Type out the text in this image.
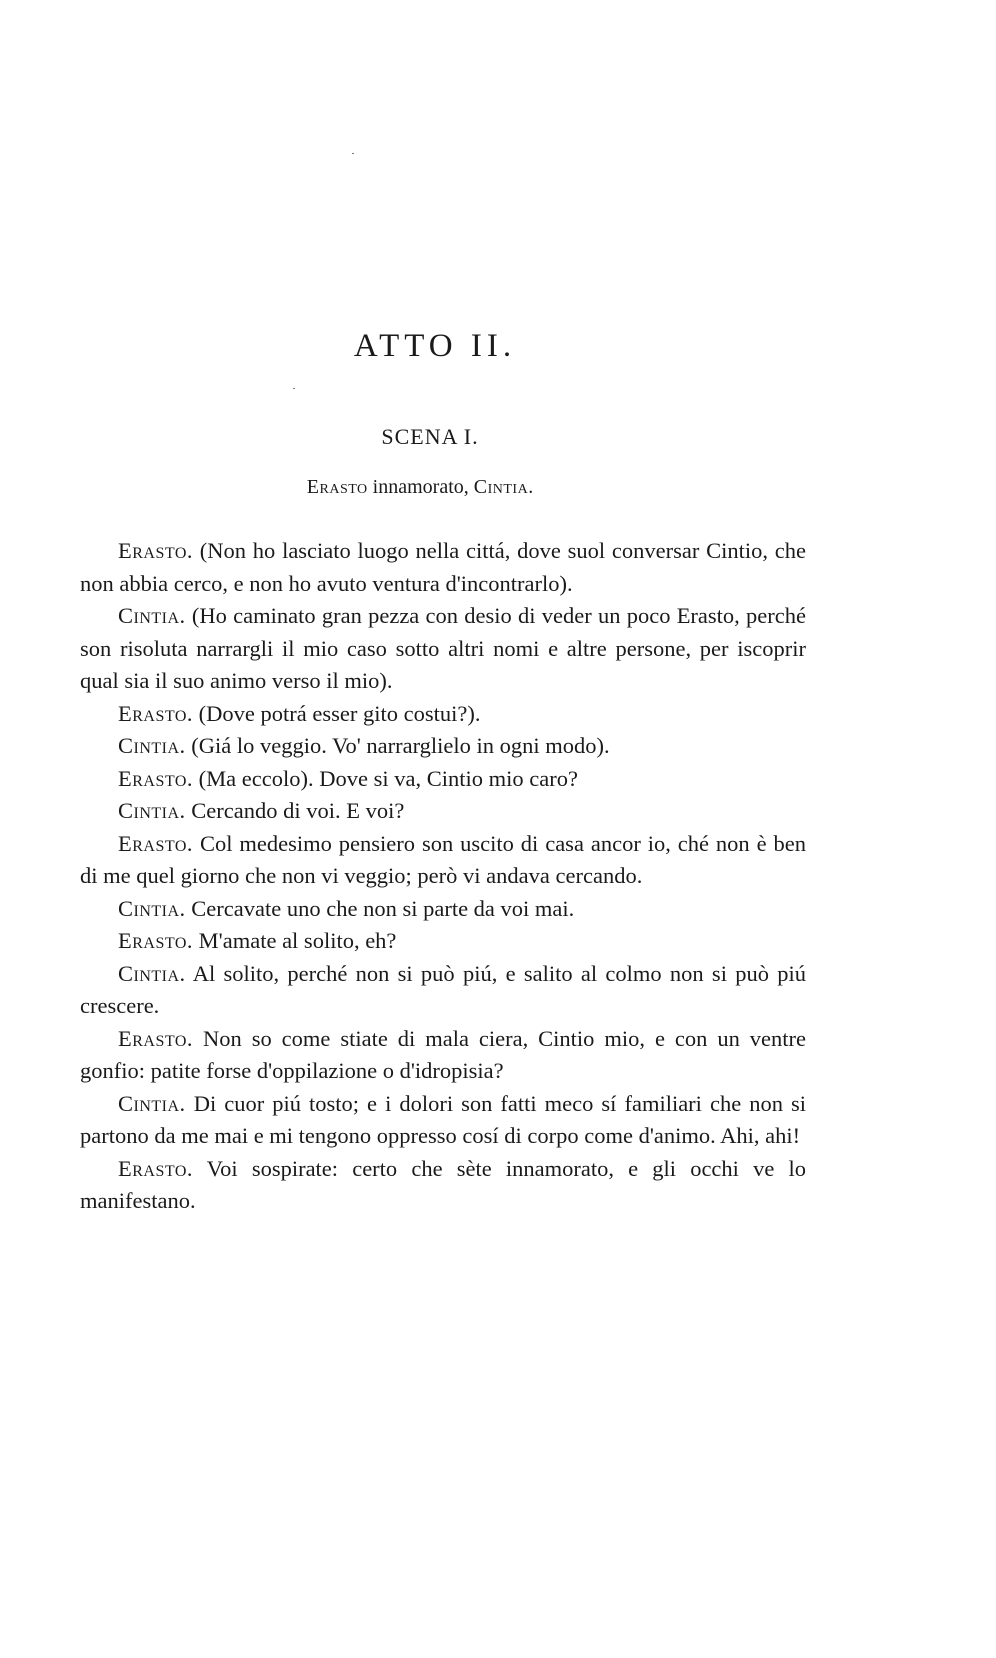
ATTO II.
SCENA I.

Erasto innamorato, Cintia.

Erasto. (Non ho lasciato luogo nella cittá, dove suol conversar Cintio, che non abbia cerco, e non ho avuto ventura d'incontrarlo).

Cintia. (Ho caminato gran pezza con desio di veder un poco Erasto, perché son risoluta narrargli il mio caso sotto altri nomi e altre persone, per iscoprir qual sia il suo animo verso il mio).

Erasto. (Dove potrá esser gito costui?).

Cintia. (Giá lo veggio. Vo' narrarglielo in ogni modo).

Erasto. (Ma eccolo). Dove si va, Cintio mio caro?

Cintia. Cercando di voi. E voi?

Erasto. Col medesimo pensiero son uscito di casa ancor io, ché non è ben di me quel giorno che non vi veggio; però vi andava cercando.

Cintia. Cercavate uno che non si parte da voi mai.

Erasto. M'amate al solito, eh?

Cintia. Al solito, perché non si può piú, e salito al colmo non si può piú crescere.

Erasto. Non so come stiate di mala ciera, Cintio mio, e con un ventre gonfio: patite forse d'oppilazione o d'idropisia?

Cintia. Di cuor piú tosto; e i dolori son fatti meco sí familiari che non si partono da me mai e mi tengono oppresso cosí di corpo come d'animo. Ahi, ahi!

Erasto. Voi sospirate: certo che sète innamorato, e gli occhi ve lo manifestano.
